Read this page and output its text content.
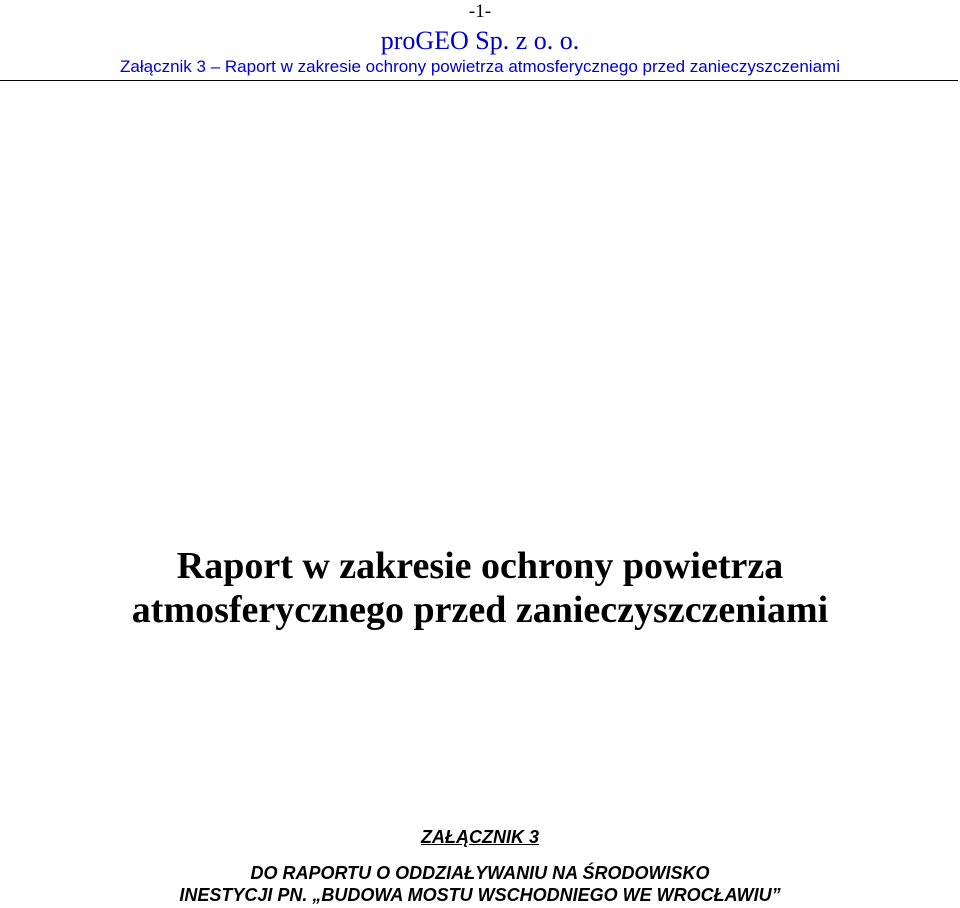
-1-
proGEO Sp. z o. o.
Załącznik 3 – Raport w zakresie ochrony powietrza atmosferycznego przed zanieczyszczeniami
Raport w zakresie ochrony powietrza
atmosferycznego przed zanieczyszczeniami
ZAŁĄCZNIK 3
DO RAPORTU O ODDZIAŁYWANIU NA ŚRODOWISKO
INESTYCJI PN. „BUDOWA MOSTU WSCHODNIEGO WE WROCŁAWIU”
